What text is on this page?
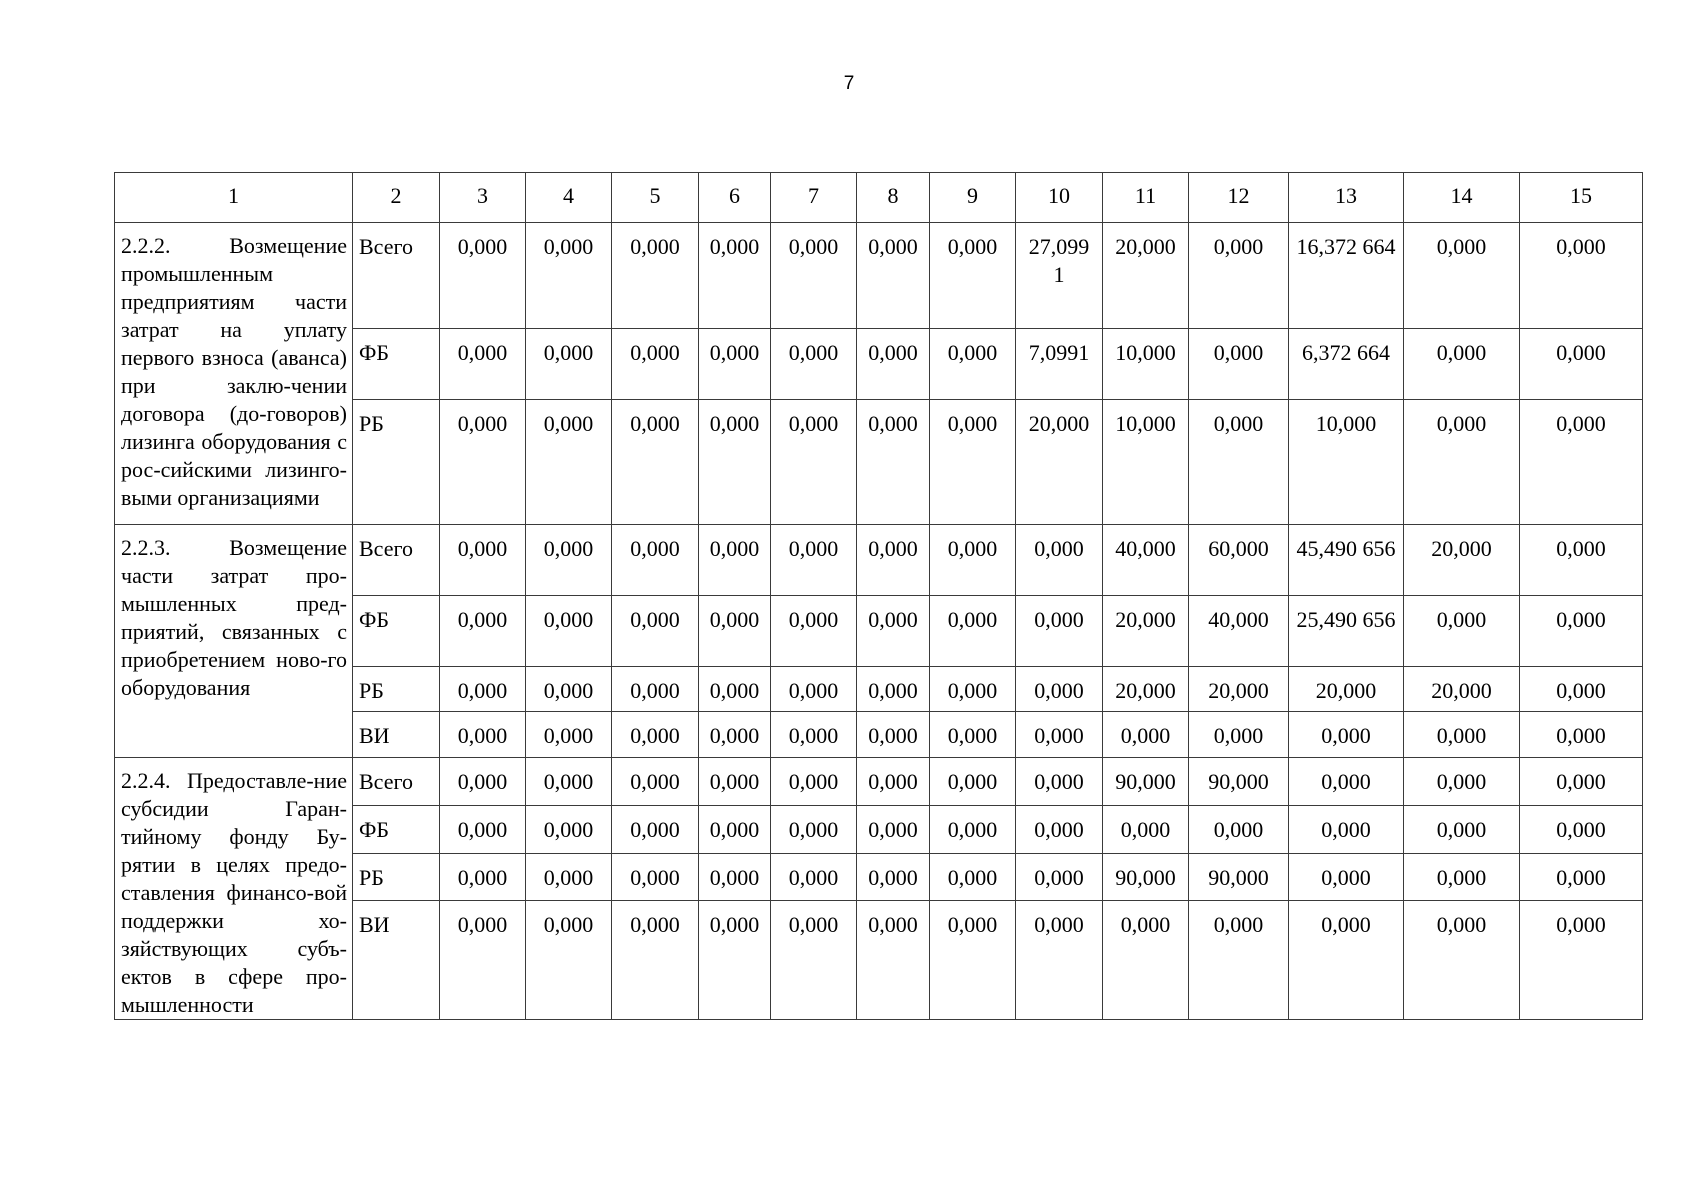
7
1	2	3	4	5	6	7	8	9	10	11	12	13	14	15
2.2.2. Возмещение промышленным предприятиям части затрат на уплату первого взноса (аванса) при заклю-чении договора (до-говоров) лизинга оборудования с рос-сийскими лизинго-выми организациями	Всего	0,000	0,000	0,000	0,000	0,000	0,000	0,000	27,099 1	20,000	0,000	16,372 664	0,000	0,000
	ФБ	0,000	0,000	0,000	0,000	0,000	0,000	0,000	7,0991	10,000	0,000	6,372 664	0,000	0,000
	РБ	0,000	0,000	0,000	0,000	0,000	0,000	0,000	20,000	10,000	0,000	10,000	0,000	0,000
2.2.3. Возмещение части затрат про-мышленных пред-приятий, связанных с приобретением ново-го оборудования	Всего	0,000	0,000	0,000	0,000	0,000	0,000	0,000	0,000	40,000	60,000	45,490 656	20,000	0,000
	ФБ	0,000	0,000	0,000	0,000	0,000	0,000	0,000	0,000	20,000	40,000	25,490 656	0,000	0,000
	РБ	0,000	0,000	0,000	0,000	0,000	0,000	0,000	0,000	20,000	20,000	20,000	20,000	0,000
	ВИ	0,000	0,000	0,000	0,000	0,000	0,000	0,000	0,000	0,000	0,000	0,000	0,000	0,000
2.2.4. Предоставле-ние субсидии Гаран-тийному фонду Бу-рятии в целях предо-ставления финансо-вой поддержки хо-зяйствующих субъ-ектов в сфере про-мышленности	Всего	0,000	0,000	0,000	0,000	0,000	0,000	0,000	0,000	90,000	90,000	0,000	0,000	0,000
	ФБ	0,000	0,000	0,000	0,000	0,000	0,000	0,000	0,000	0,000	0,000	0,000	0,000	0,000
	РБ	0,000	0,000	0,000	0,000	0,000	0,000	0,000	0,000	90,000	90,000	0,000	0,000	0,000
	ВИ	0,000	0,000	0,000	0,000	0,000	0,000	0,000	0,000	0,000	0,000	0,000	0,000	0,000
